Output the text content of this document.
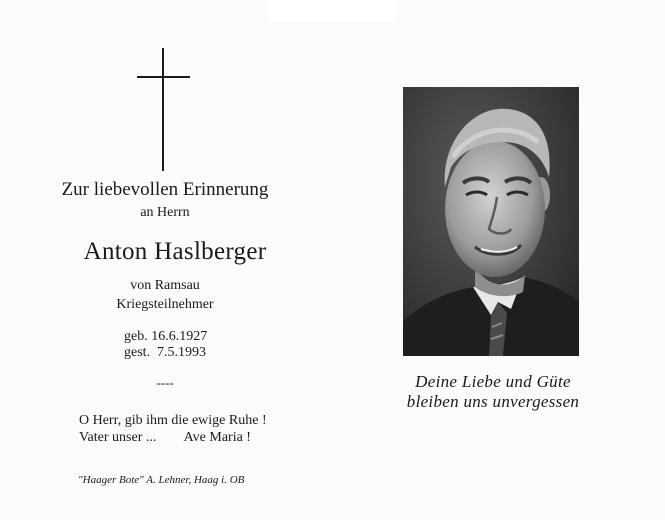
Zur liebevollen Erinnerung
an Herrn
Anton Haslberger
von Ramsau
Kriegsteilnehmer
geb. 16.6.1927
gest.  7.5.1993
----
O Herr, gib ihm die ewige Ruhe !
Vater unser ...        Ave Maria !
"Haager Bote" A. Lehner, Haag i. OB
Deine Liebe und Güte
bleiben uns unvergessen
